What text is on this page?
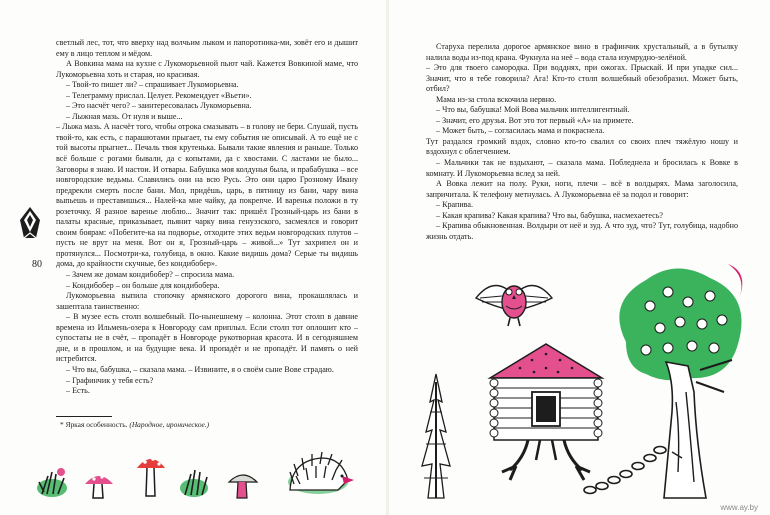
светлый лес, тот, что вверху над волчьим лыком и папоротника-ми, зовёт его и дышит ему в лицо теплом и мёдом.

А Вовкина мама на кухне с Лукоморьевной пьют чай. Кажется Вовкиной маме, что Лукоморьевна хоть и старая, но красивая.

– Твой-то пишет ли? – спрашивает Лукоморьевна.

– Телеграмму прислал. Целует. Рекомендует «Вьети».

– Это насчёт чего? – заинтересовалась Лукоморьевна.

– Лыжная мазь. От нуля и выше...

– Лыжа мазь. А насчёт того, чтобы отрока смазывать – в голову не бери. Слушай, пусть твой-то, как есть, с парашютами прыгает, ты ему события не описывай. А то ещё не с той высоты прыгнет... Печаль твоя крутенька. Бывали такие явления и раньше. Только всё больше с рогами бывали, да с копытами, да с хвостами. С ластами не было... Заговоры я знаю. И настои. И отвары. Бабушка моя колдунья была, и прабабушка – все новгородские ведьмы. Славились они на всю Русь. Это они царю Грозному Ивану предрекли смерть после бани. Мол, придёшь, царь, в пятницу из бани, чару вина выпьешь и преставишься... Налей-ка мне чайку, да покрепче. И варенья положи в ту розеточку. Я разное варенье люблю... Значит так: пришёл Грозный-царь из бани в палаты красные, приказывает, пьянит чарку вина генуэзского, засмеялся и говорит своим боярам: «Побегите-ка на подворье, отходите этих ведьм новгородских плутов – пусть не врут на меня. Вот он я, Грозный-царь – живой...» Тут захрипел он и протянулся... Посмотри-ка, голубица, в окно. Какие видишь дома? Серые ты видишь дома, до крайности скучные, без кондибобер».

– Зачем же домам кондибобер? – спросила мама.

– Кондибобер – он больше для кондибобера.

Лукоморьевна выпила стопочку армянского дорогого вина, прокашлялась и зашептала таинственно:

– В музее есть столп волшебный. По-нынешнему – колонна. Этот столп в давние времена из Ильмень-озера к Новгороду сам приплыл. Если столп тот оплошит кто – супостаты не в счёт, – пропадёт в Новгороде рукотворная красота. И в сегодняшнем дне, и в прошлом, и на будущие века. И пропадёт и не пропадёт. И память о ней истребится.

– Что вы, бабушка, – сказала мама. – Извините, я о своём сыне Вове страдаю.

– Графинчик у тебя есть?

– Есть.

80
* Яркая особенность. (Народное, ироническое.)

Старуха перелила дорогое армянское вино в графинчик хрустальный, а в бутылку налила воды из-под крана. Фукнула на неё – вода стала изумрудно-зелёной.

– Это для твоего самородка. При водднях, при ожогах. Прыскай. И при упадке сил... Значит, что я тебе говорила? Ага! Кто-то столп волшебный обезобразил. Может быть, отбил?

Мама из-за стола вскочила нервно.

– Что вы, бабушка! Мой Вова мальчик интеллигентный.

– Значит, его друзья. Вот это тот первый «А» на примете.

– Может быть, – согласилась мама и покраснела.

Тут раздался громкий вздох, словно кто-то свалил со своих плеч тяжёлую ношу и вздохнул с облегчением.

– Мальчики так не вздыхают, – сказала мама. Побледнела и бросилась к Вовке в комнату. И Лукоморьевна вслед за ней.

А Вовка лежит на полу. Руки, ноги, плечи – всё в волдырях. Мама заголосила, запричитала. К телефону метнулась. А Лукоморьевна её за подол и говорит:

– Крапива.

– Какая крапива? Какая крапива? Что вы, бабушка, насмехаетесь?

– Крапива обыкновенная. Волдыри от неё и зуд. А что зуд, что? Тут, голубица, надобно жизнь отдать.

www.ay.by
